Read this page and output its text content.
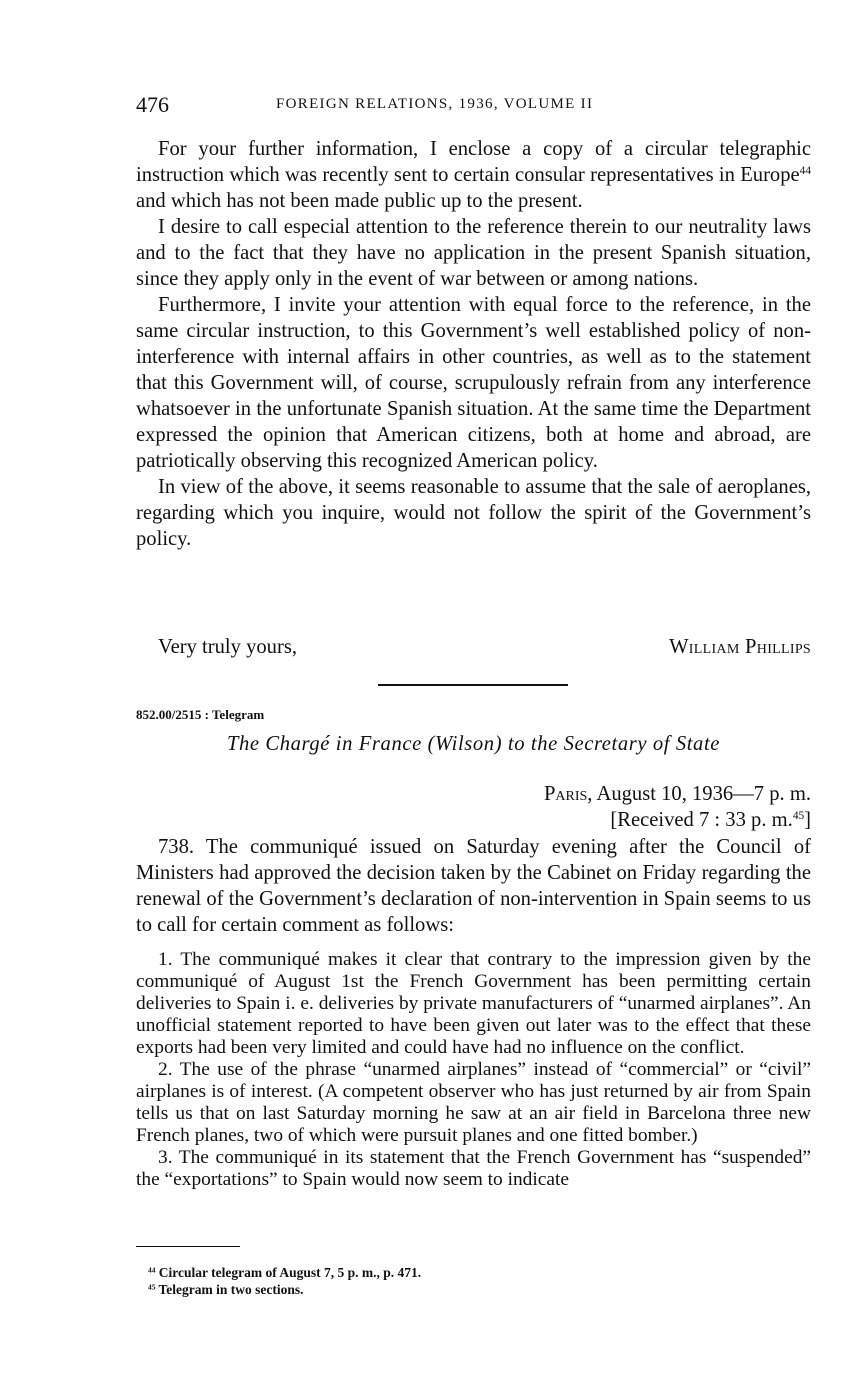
476	FOREIGN RELATIONS, 1936, VOLUME II

For your further information, I enclose a copy of a circular telegraphic instruction which was recently sent to certain consular representatives in Europe$^{44}$ and which has not been made public up to the present.

I desire to call especial attention to the reference therein to our neutrality laws and to the fact that they have no application in the present Spanish situation, since they apply only in the event of war between or among nations.

Furthermore, I invite your attention with equal force to the reference, in the same circular instruction, to this Government’s well established policy of non-interference with internal affairs in other countries, as well as to the statement that this Government will, of course, scrupulously refrain from any interference whatsoever in the unfortunate Spanish situation. At the same time the Department expressed the opinion that American citizens, both at home and abroad, are patriotically observing this recognized American policy.

In view of the above, it seems reasonable to assume that the sale of aeroplanes, regarding which you inquire, would not follow the spirit of the Government’s policy.

Very truly yours,	William Phillips
852.00/2515 : Telegram
The Chargé in France (Wilson) to the Secretary of State
Paris, August 10, 1936—7 p. m.
[Received 7 : 33 p. m.$^{45}$]

738. The communiqué issued on Saturday evening after the Council of Ministers had approved the decision taken by the Cabinet on Friday regarding the renewal of the Government’s declaration of non-intervention in Spain seems to us to call for certain comment as follows:

1. The communiqué makes it clear that contrary to the impression given by the communiqué of August 1st the French Government has been permitting certain deliveries to Spain i. e. deliveries by private manufacturers of “unarmed airplanes”. An unofficial statement reported to have been given out later was to the effect that these exports had been very limited and could have had no influence on the conflict.

2. The use of the phrase “unarmed airplanes” instead of “commercial” or “civil” airplanes is of interest. (A competent observer who has just returned by air from Spain tells us that on last Saturday morning he saw at an air field in Barcelona three new French planes, two of which were pursuit planes and one fitted bomber.)

3. The communiqué in its statement that the French Government has “suspended” the “exportations” to Spain would now seem to indicate

$^{44}$ Circular telegram of August 7, 5 p. m., p. 471.
$^{45}$ Telegram in two sections.
